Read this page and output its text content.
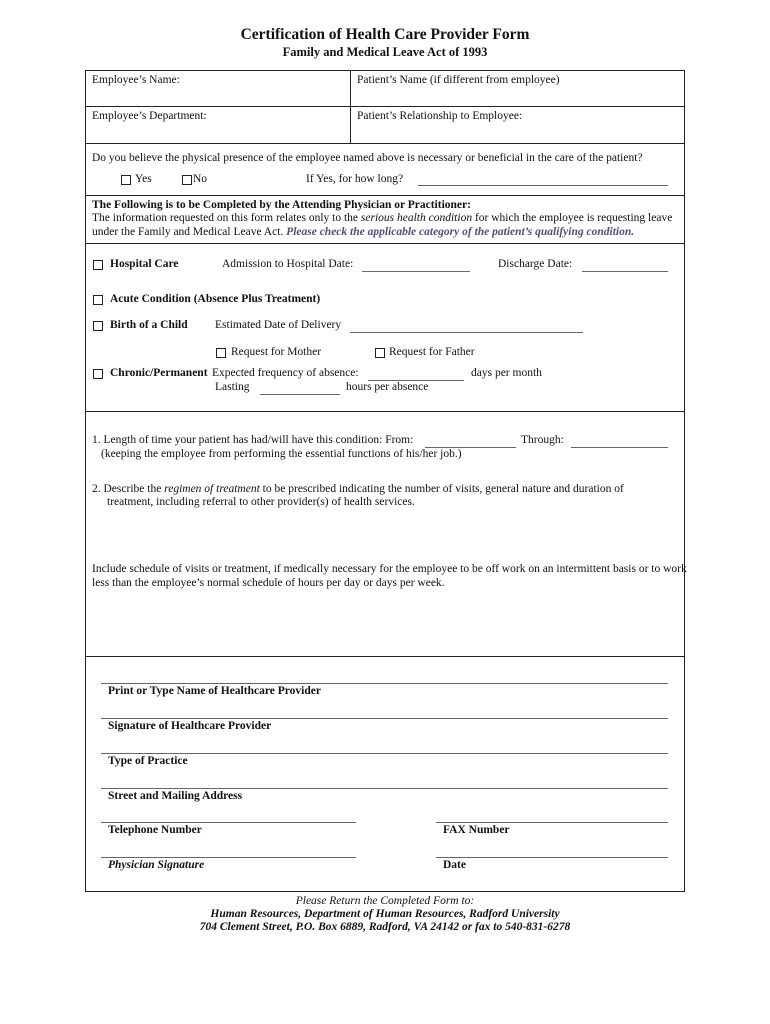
Certification of Health Care Provider Form
Family and Medical Leave Act of 1993
Employee’s Name:	Patient’s Name (if different from employee)
Employee’s Department:	Patient’s Relationship to Employee:
Do you believe the physical presence of the employee named above is necessary or beneficial in the care of the patient?
Yes	No	If Yes, for how long?
The Following is to be Completed by the Attending Physician or Practitioner:
The information requested on this form relates only to the serious health condition for which the employee is requesting leave
under the Family and Medical Leave Act. Please check the applicable category of the patient’s qualifying condition.
Hospital Care	Admission to Hospital Date:	Discharge Date:
Acute Condition (Absence Plus Treatment)
Birth of a Child Estimated Date of Delivery
Request for Mother	Request for Father
Chronic/Permanent Expected frequency of absence:	days per month
Lasting	hours per absence
1. Length of time your patient has had/will have this condition: From:	Through:
(keeping the employee from performing the essential functions of his/her job.)
2. Describe the regimen of treatment to be prescribed indicating the number of visits, general nature and duration of
treatment, including referral to other provider(s) of health services.
Include schedule of visits or treatment, if medically necessary for the employee to be off work on an intermittent basis or to work
less than the employee’s normal schedule of hours per day or days per week.
Print or Type Name of Healthcare Provider
Signature of Healthcare Provider
Type of Practice
Street and Mailing Address
Telephone Number	FAX Number
Physician Signature	Date
Please Return the Completed Form to:
Human Resources, Department of Human Resources, Radford University
704 Clement Street, P.O. Box 6889, Radford, VA 24142 or fax to 540-831-6278
